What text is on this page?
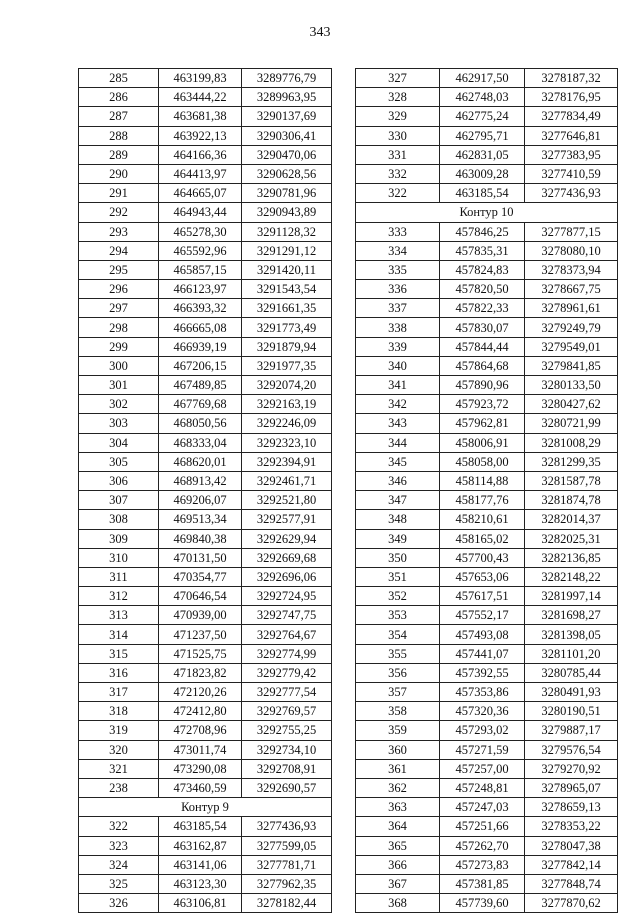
343
285	463199,83	3289776,79
286	463444,22	3289963,95
287	463681,38	3290137,69
288	463922,13	3290306,41
289	464166,36	3290470,06
290	464413,97	3290628,56
291	464665,07	3290781,96
292	464943,44	3290943,89
293	465278,30	3291128,32
294	465592,96	3291291,12
295	465857,15	3291420,11
296	466123,97	3291543,54
297	466393,32	3291661,35
298	466665,08	3291773,49
299	466939,19	3291879,94
300	467206,15	3291977,35
301	467489,85	3292074,20
302	467769,68	3292163,19
303	468050,56	3292246,09
304	468333,04	3292323,10
305	468620,01	3292394,91
306	468913,42	3292461,71
307	469206,07	3292521,80
308	469513,34	3292577,91
309	469840,38	3292629,94
310	470131,50	3292669,68
311	470354,77	3292696,06
312	470646,54	3292724,95
313	470939,00	3292747,75
314	471237,50	3292764,67
315	471525,75	3292774,99
316	471823,82	3292779,42
317	472120,26	3292777,54
318	472412,80	3292769,57
319	472708,96	3292755,25
320	473011,74	3292734,10
321	473290,08	3292708,91
238	473460,59	3292690,57
Контур 9		
322	463185,54	3277436,93
323	463162,87	3277599,05
324	463141,06	3277781,71
325	463123,30	3277962,35
326	463106,81	3278182,44
327	462917,50	3278187,32
328	462748,03	3278176,95
329	462775,24	3277834,49
330	462795,71	3277646,81
331	462831,05	3277383,95
332	463009,28	3277410,59
322	463185,54	3277436,93
Контур 10		
333	457846,25	3277877,15
334	457835,31	3278080,10
335	457824,83	3278373,94
336	457820,50	3278667,75
337	457822,33	3278961,61
338	457830,07	3279249,79
339	457844,44	3279549,01
340	457864,68	3279841,85
341	457890,96	3280133,50
342	457923,72	3280427,62
343	457962,81	3280721,99
344	458006,91	3281008,29
345	458058,00	3281299,35
346	458114,88	3281587,78
347	458177,76	3281874,78
348	458210,61	3282014,37
349	458165,02	3282025,31
350	457700,43	3282136,85
351	457653,06	3282148,22
352	457617,51	3281997,14
353	457552,17	3281698,27
354	457493,08	3281398,05
355	457441,07	3281101,20
356	457392,55	3280785,44
357	457353,86	3280491,93
358	457320,36	3280190,51
359	457293,02	3279887,17
360	457271,59	3279576,54
361	457257,00	3279270,92
362	457248,81	3278965,07
363	457247,03	3278659,13
364	457251,66	3278353,22
365	457262,70	3278047,38
366	457273,83	3277842,14
367	457381,85	3277848,74
368	457739,60	3277870,62
